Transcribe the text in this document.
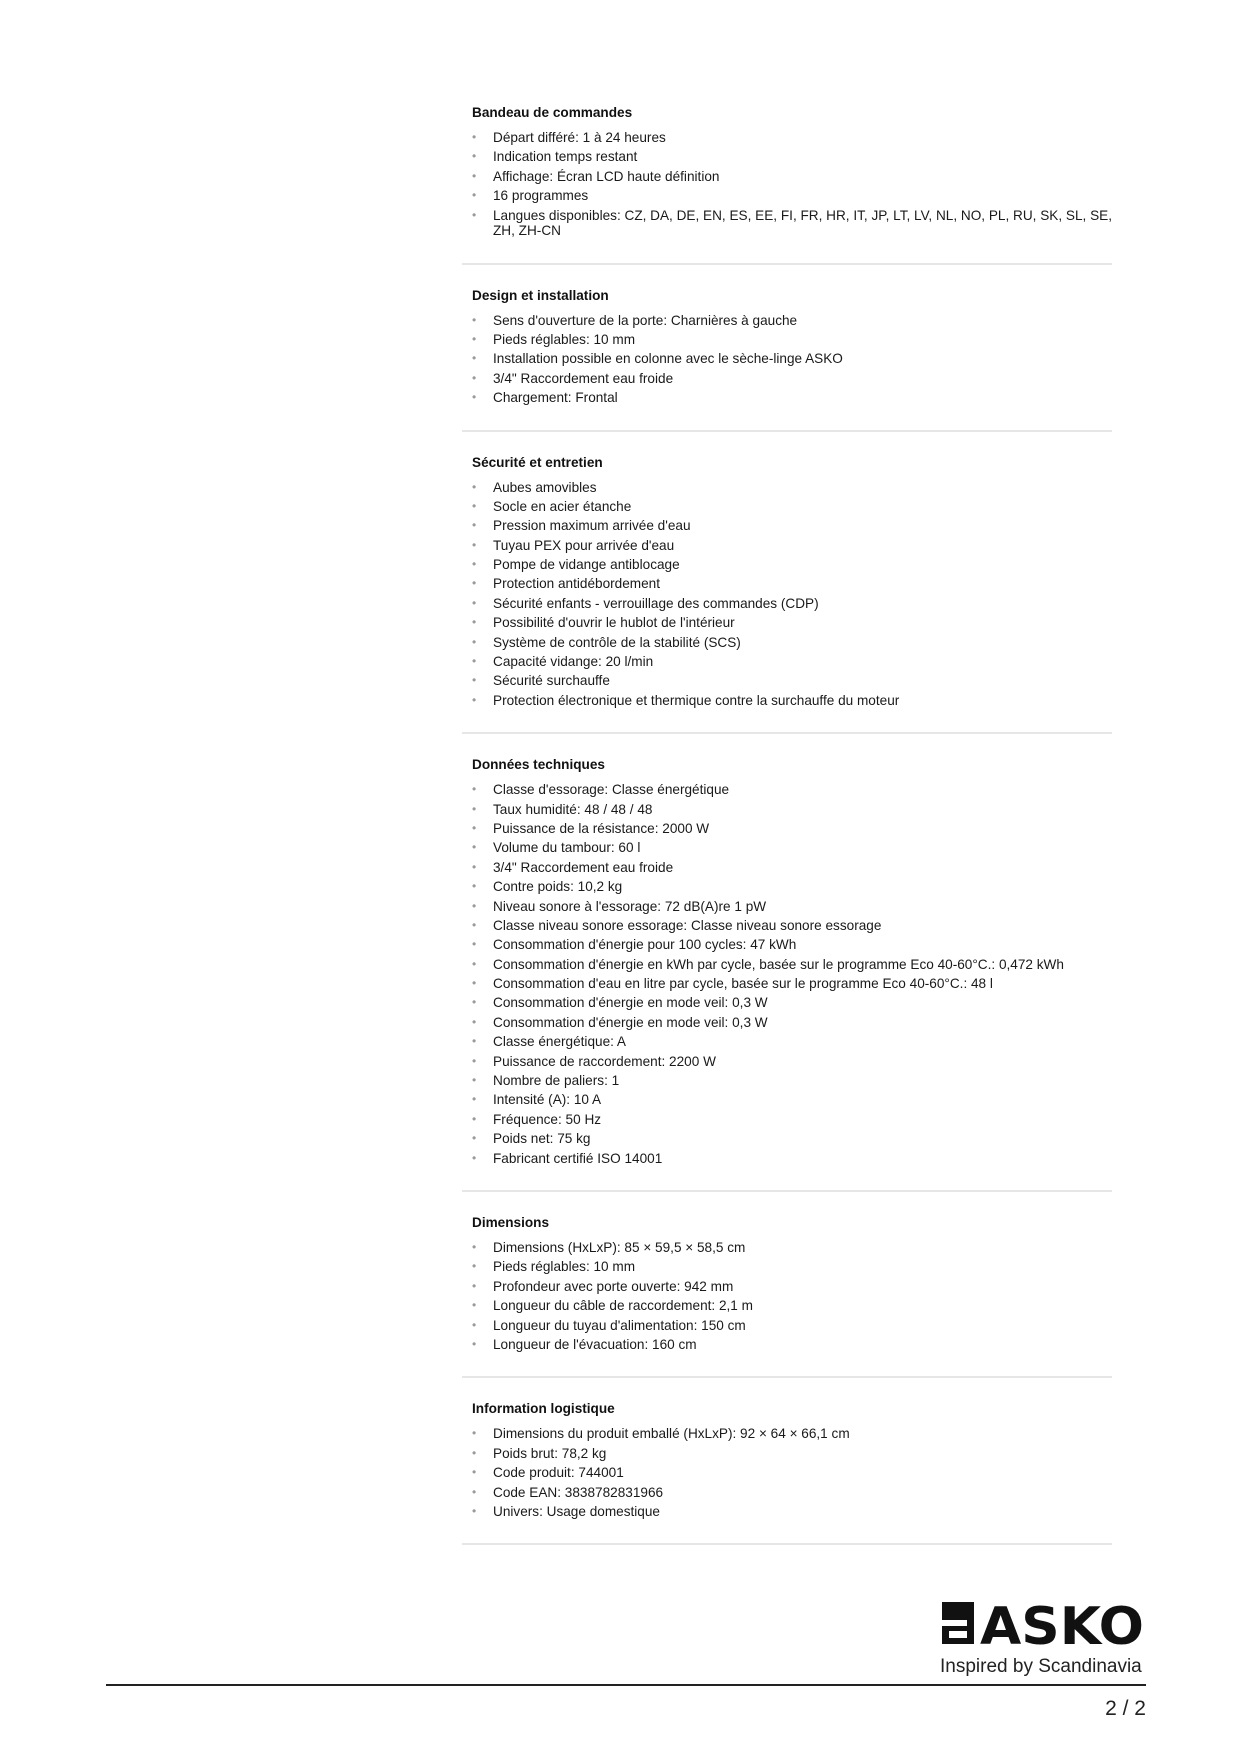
Bandeau de commandes
• Départ différé: 1 à 24 heures
• Indication temps restant
• Affichage: Écran LCD haute définition
• 16 programmes
• Langues disponibles: CZ, DA, DE, EN, ES, EE, FI, FR, HR, IT, JP, LT, LV, NL, NO, PL, RU, SK, SL, SE, ZH, ZH-CN
Design et installation
• Sens d'ouverture de la porte: Charnières à gauche
• Pieds réglables: 10 mm
• Installation possible en colonne avec le sèche-linge ASKO
• 3/4" Raccordement eau froide
• Chargement: Frontal
Sécurité et entretien
• Aubes amovibles
• Socle en acier étanche
• Pression maximum arrivée d'eau
• Tuyau PEX pour arrivée d'eau
• Pompe de vidange antiblocage
• Protection antidébordement
• Sécurité enfants - verrouillage des commandes (CDP)
• Possibilité d'ouvrir le hublot de l'intérieur
• Système de contrôle de la stabilité (SCS)
• Capacité vidange: 20 l/min
• Sécurité surchauffe
• Protection électronique et thermique contre la surchauffe du moteur
Données techniques
• Classe d'essorage: Classe énergétique
• Taux humidité: 48 / 48 / 48
• Puissance de la résistance: 2000 W
• Volume du tambour: 60 l
• 3/4" Raccordement eau froide
• Contre poids: 10,2 kg
• Niveau sonore à l'essorage: 72 dB(A)re 1 pW
• Classe niveau sonore essorage: Classe niveau sonore essorage
• Consommation d'énergie pour 100 cycles: 47 kWh
• Consommation d'énergie en kWh par cycle, basée sur le programme Eco 40-60°C.: 0,472 kWh
• Consommation d'eau en litre par cycle, basée sur le programme Eco 40-60°C.: 48 l
• Consommation d'énergie en mode veil: 0,3 W
• Consommation d'énergie en mode veil: 0,3 W
• Classe énergétique: A
• Puissance de raccordement: 2200 W
• Nombre de paliers: 1
• Intensité (A): 10 A
• Fréquence: 50 Hz
• Poids net: 75 kg
• Fabricant certifié ISO 14001
Dimensions
• Dimensions (HxLxP): 85 × 59,5 × 58,5 cm
• Pieds réglables: 10 mm
• Profondeur avec porte ouverte: 942 mm
• Longueur du câble de raccordement: 2,1 m
• Longueur du tuyau d'alimentation: 150 cm
• Longueur de l'évacuation: 160 cm
Information logistique
• Dimensions du produit emballé (HxLxP): 92 × 64 × 66,1 cm
• Poids brut: 78,2 kg
• Code produit: 744001
• Code EAN: 3838782831966
• Univers: Usage domestique
ASKO
Inspired by Scandinavia
2 / 2
